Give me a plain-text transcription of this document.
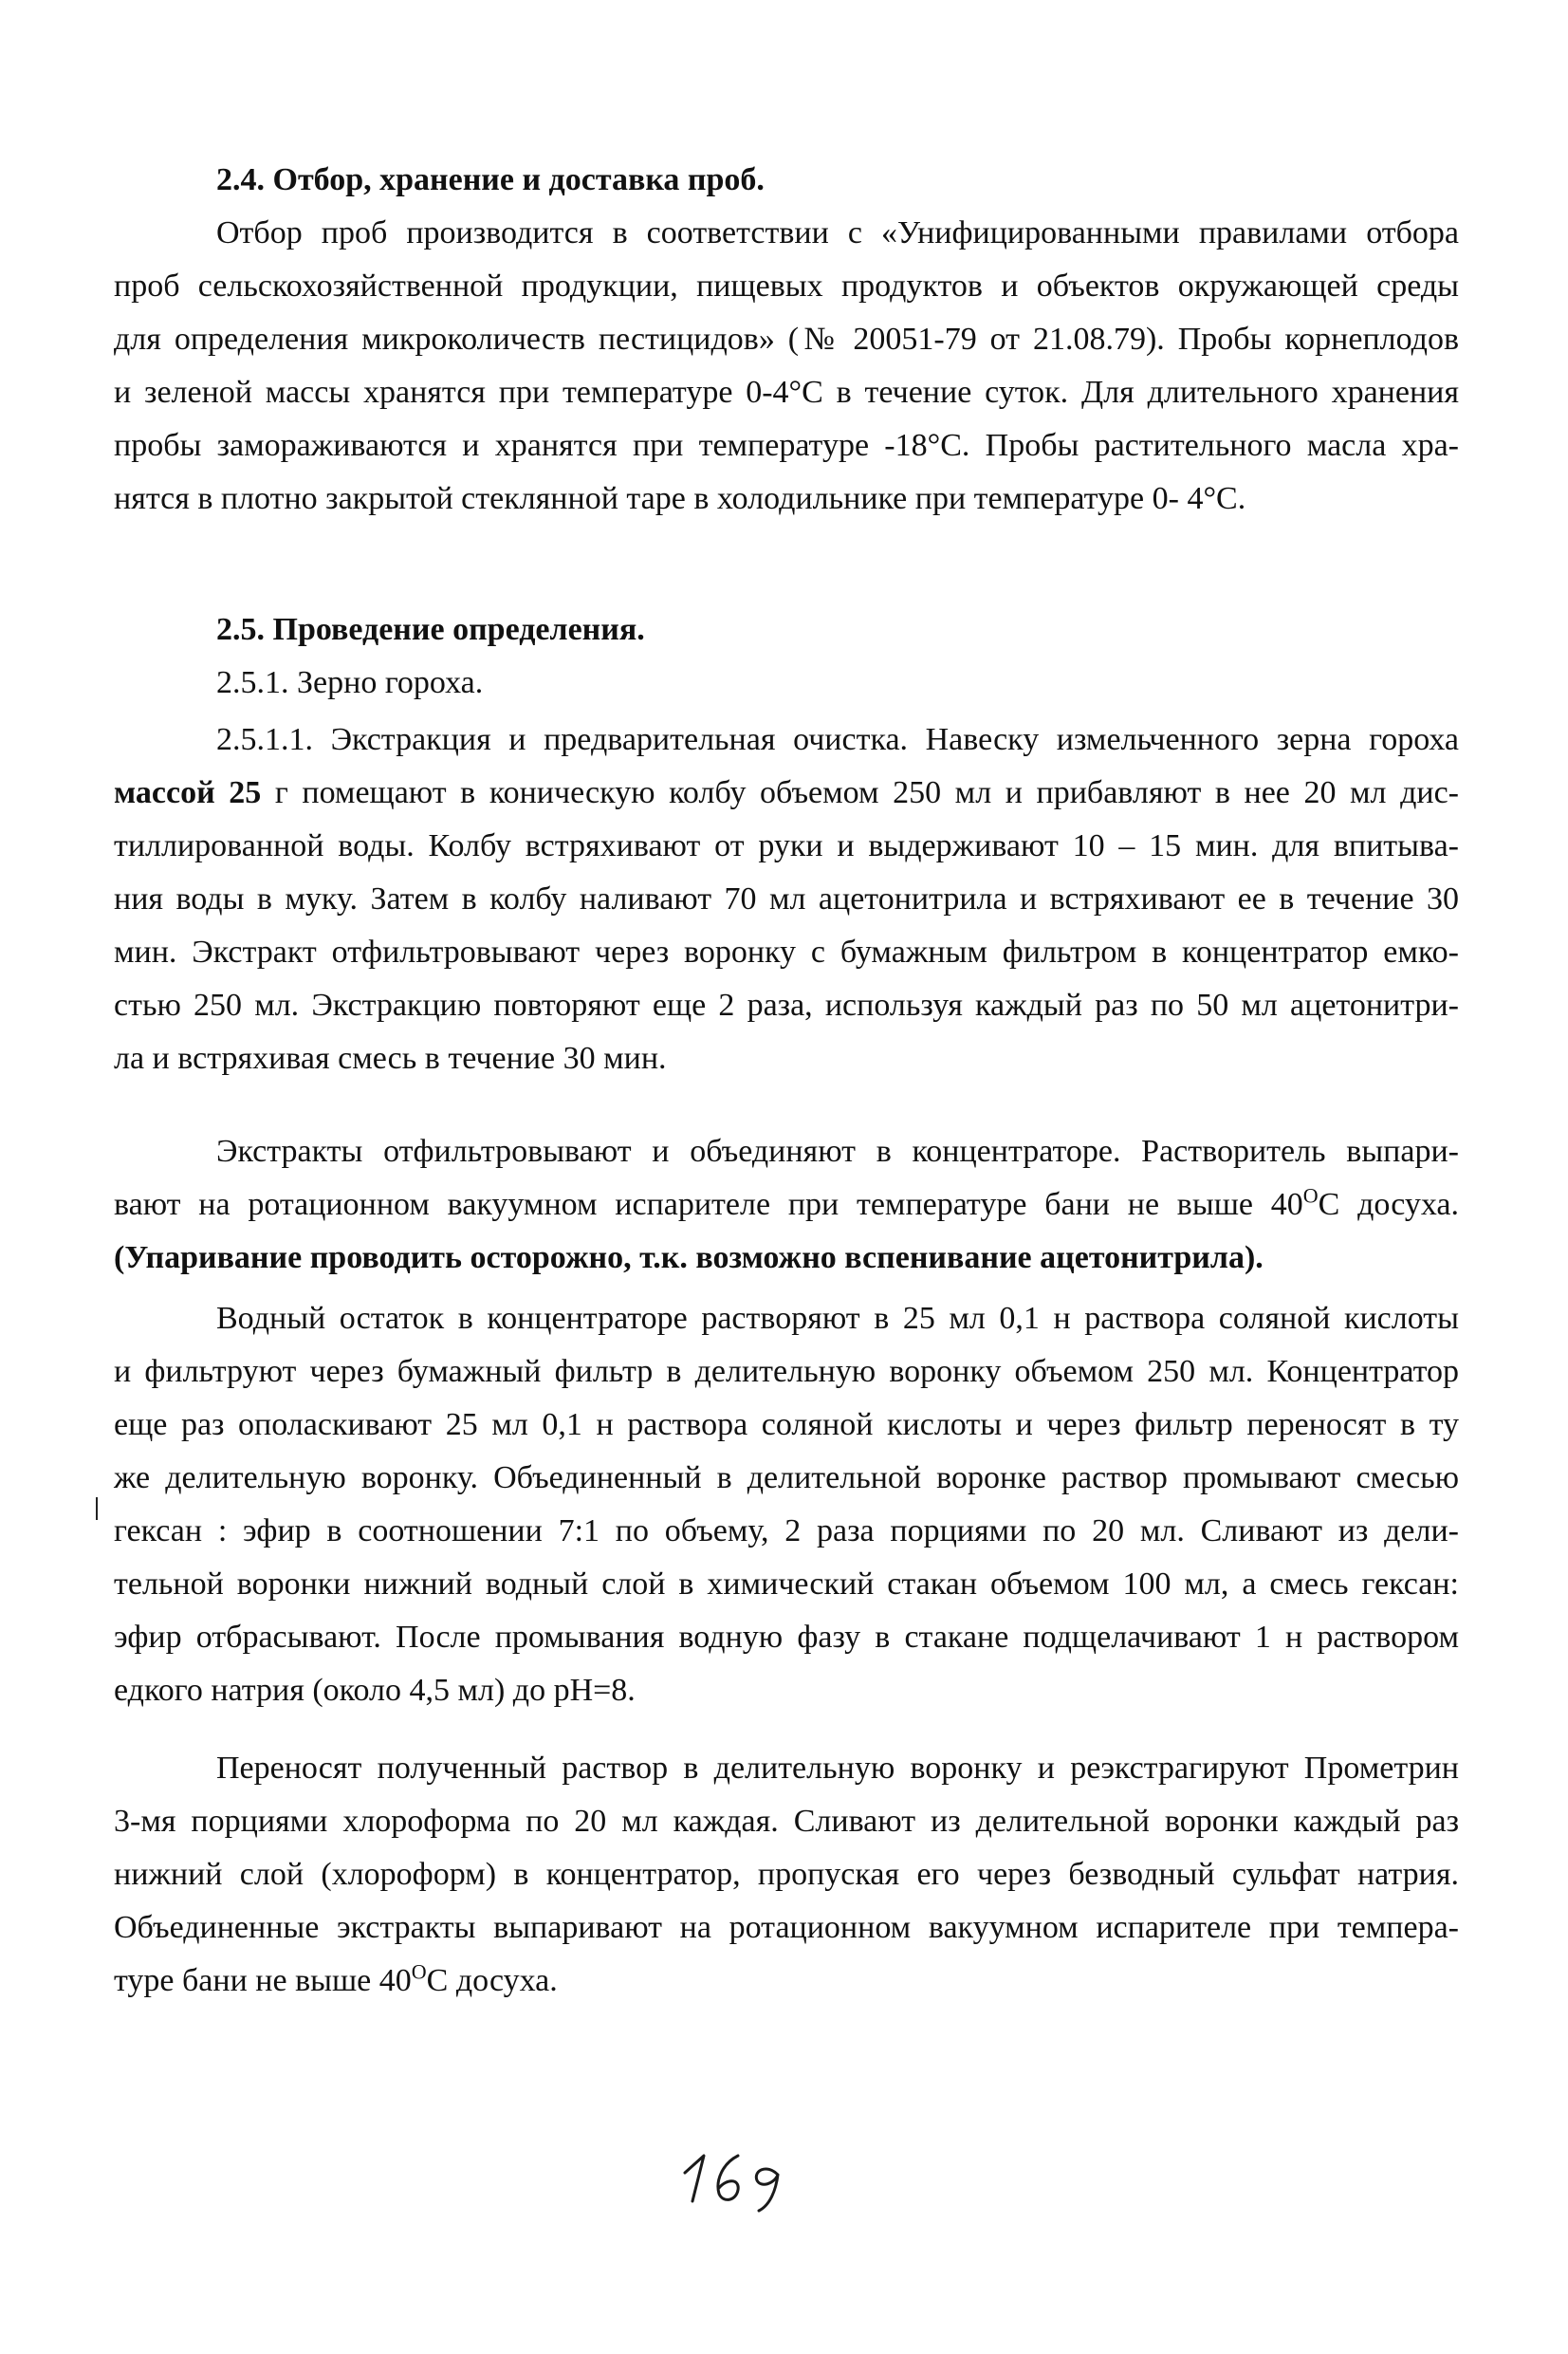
2.4. Отбор, хранение и доставка проб.
Отбор проб производится в соответствии с «Унифицированными правилами отбора
проб сельскохозяйственной продукции, пищевых продуктов и объектов окружающей среды
для определения микроколичеств пестицидов» (№ 20051-79 от 21.08.79). Пробы корнеплодов
и зеленой массы хранятся при температуре 0-4°С в течение суток. Для длительного хранения
пробы замораживаются и хранятся при температуре -18°С. Пробы растительного масла хра-
нятся в плотно закрытой стеклянной таре в холодильнике при температуре 0- 4°С.
2.5. Проведение определения.
2.5.1. Зерно гороха.
2.5.1.1. Экстракция и предварительная очистка. Навеску измельченного зерна гороха
массой 25 г помещают в коническую колбу объемом 250 мл и прибавляют в нее 20 мл дис-
тиллированной воды. Колбу встряхивают от руки и выдерживают 10 – 15 мин. для впитыва-
ния воды в муку. Затем в колбу наливают 70 мл ацетонитрила и встряхивают ее в течение 30
мин. Экстракт отфильтровывают через воронку с бумажным фильтром в концентратор емко-
стью 250 мл. Экстракцию повторяют еще 2 раза, используя каждый раз по 50 мл ацетонитри-
ла и встряхивая смесь в течение 30 мин.
Экстракты отфильтровывают и объединяют в концентраторе. Растворитель выпари-
вают на ротационном вакуумном испарителе при температуре бани не выше $40^ОС$ досуха.
(Упаривание проводить осторожно, т.к. возможно вспенивание ацетонитрила).
Водный остаток в концентраторе растворяют в 25 мл 0,1 н раствора соляной кислоты
и фильтруют через бумажный фильтр в делительную воронку объемом 250 мл. Концентратор
еще раз ополаскивают 25 мл 0,1 н раствора соляной кислоты и через фильтр переносят в ту
же делительную воронку. Объединенный в делительной воронке раствор промывают смесью
гексан : эфир в соотношении 7:1 по объему, 2 раза порциями по 20 мл. Сливают из дели-
тельной воронки нижний водный слой в химический стакан объемом 100 мл, а смесь гексан:
эфир отбрасывают. После промывания водную фазу в стакане подщелачивают 1 н раствором
едкого натрия (около 4,5 мл) до рН=8.
Переносят полученный раствор в делительную воронку и реэкстрагируют Прометрин
3-мя порциями хлороформа по 20 мл каждая. Сливают из делительной воронки каждый раз
нижний слой (хлороформ) в концентратор, пропуская его через безводный сульфат натрия.
Объединенные экстракты выпаривают на ротационном вакуумном испарителе при темпера-
туре бани не выше $40^ОС$ досуха.
